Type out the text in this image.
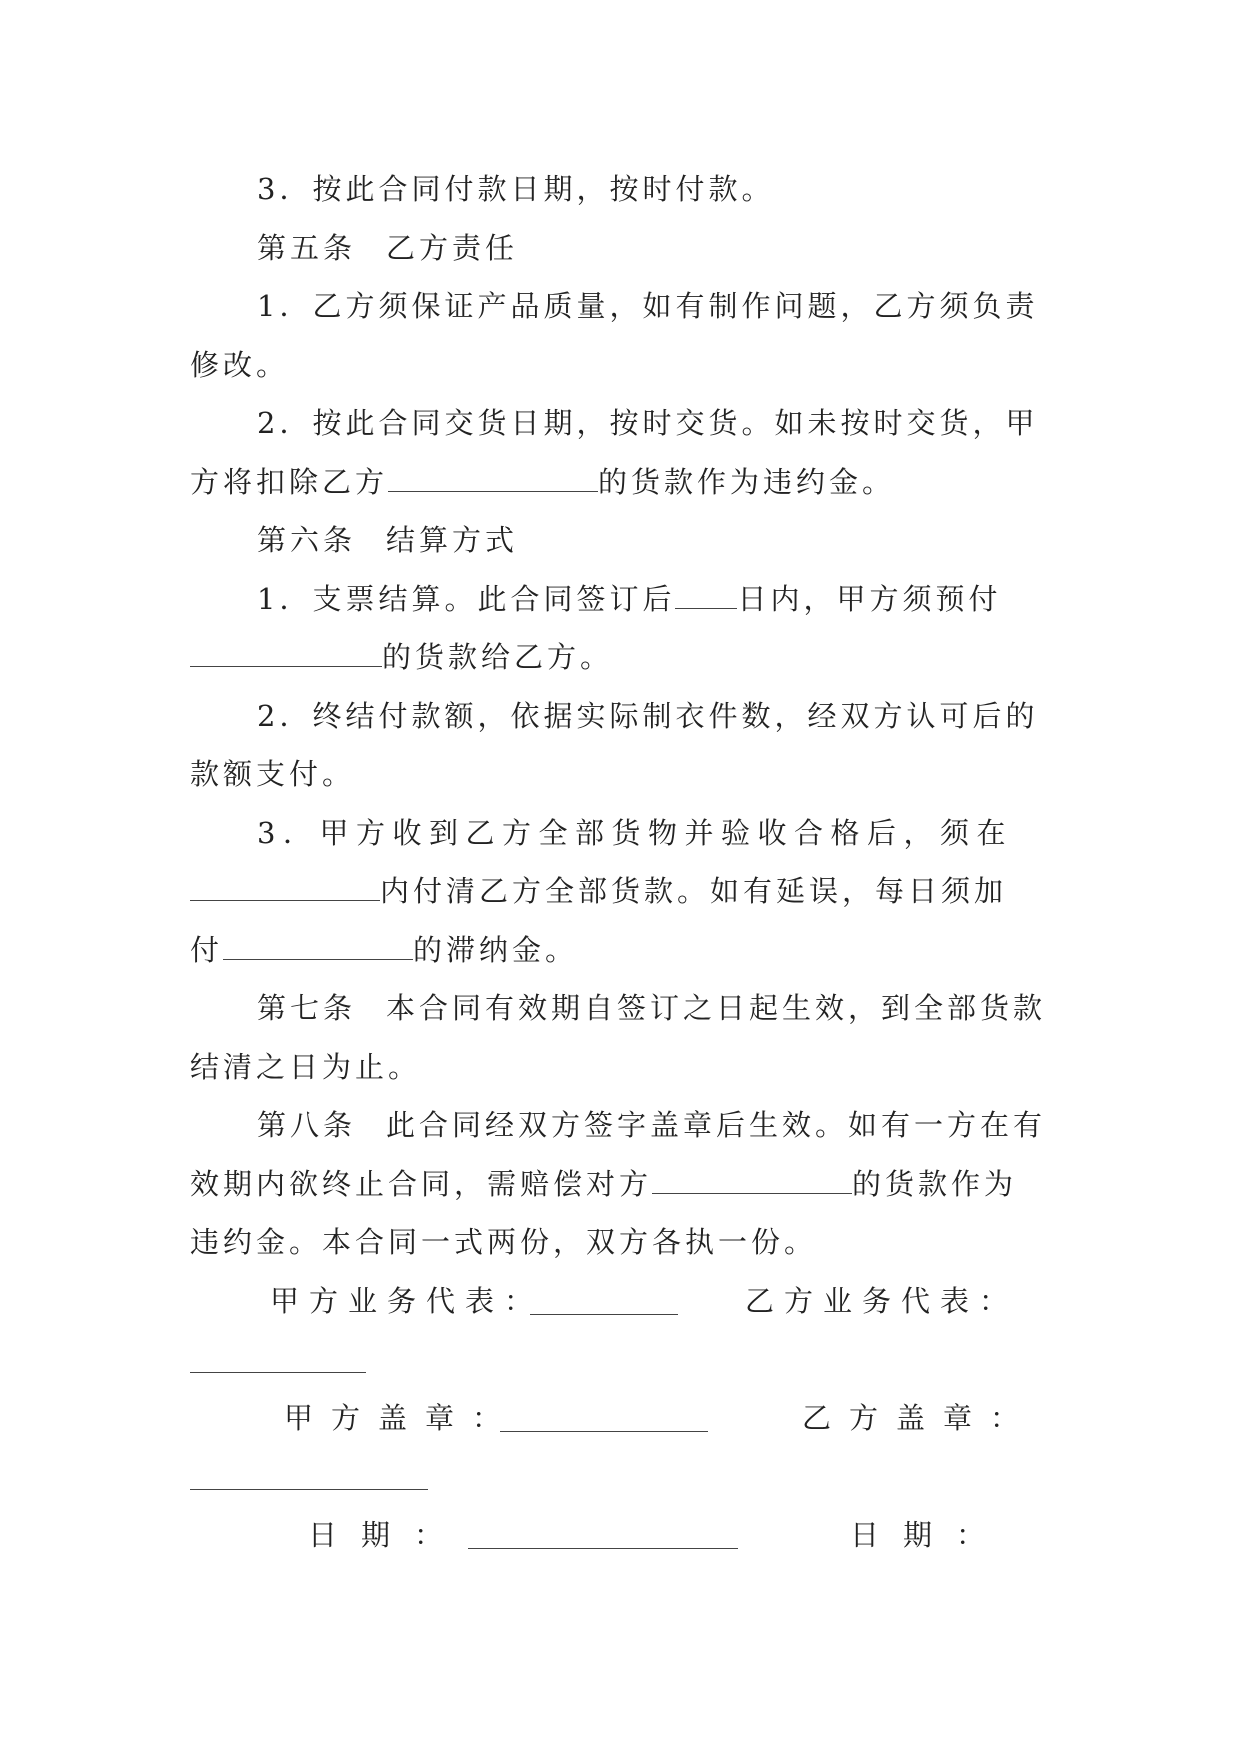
3．按此合同付款日期，按时付款。
第五条 乙方责任
1．乙方须保证产品质量，如有制作问题，乙方须负责
修改。
2．按此合同交货日期，按时交货。如未按时交货，甲
方将扣除乙方	的货款作为违约金。
第六条 结算方式
1．支票结算。此合同签订后 日内，甲方须预付
的货款给乙方。
2．终结付款额，依据实际制衣件数，经双方认可后的
款额支付。
3．甲方收到乙方全部货物并验收合格后，须在
内付清乙方全部货款。如有延误，每日须加
付	的滞纳金。
第七条 本合同有效期自签订之日起生效，到全部货款
结清之日为止。
第八条 此合同经双方签字盖章后生效。如有一方在有
效期内欲终止合同，需赔偿对方	的货款作为
违约金。本合同一式两份，双方各执一份。
甲方业务代表：	乙方业务代表：
甲方盖章：	乙方盖章：
日期：	日期：
